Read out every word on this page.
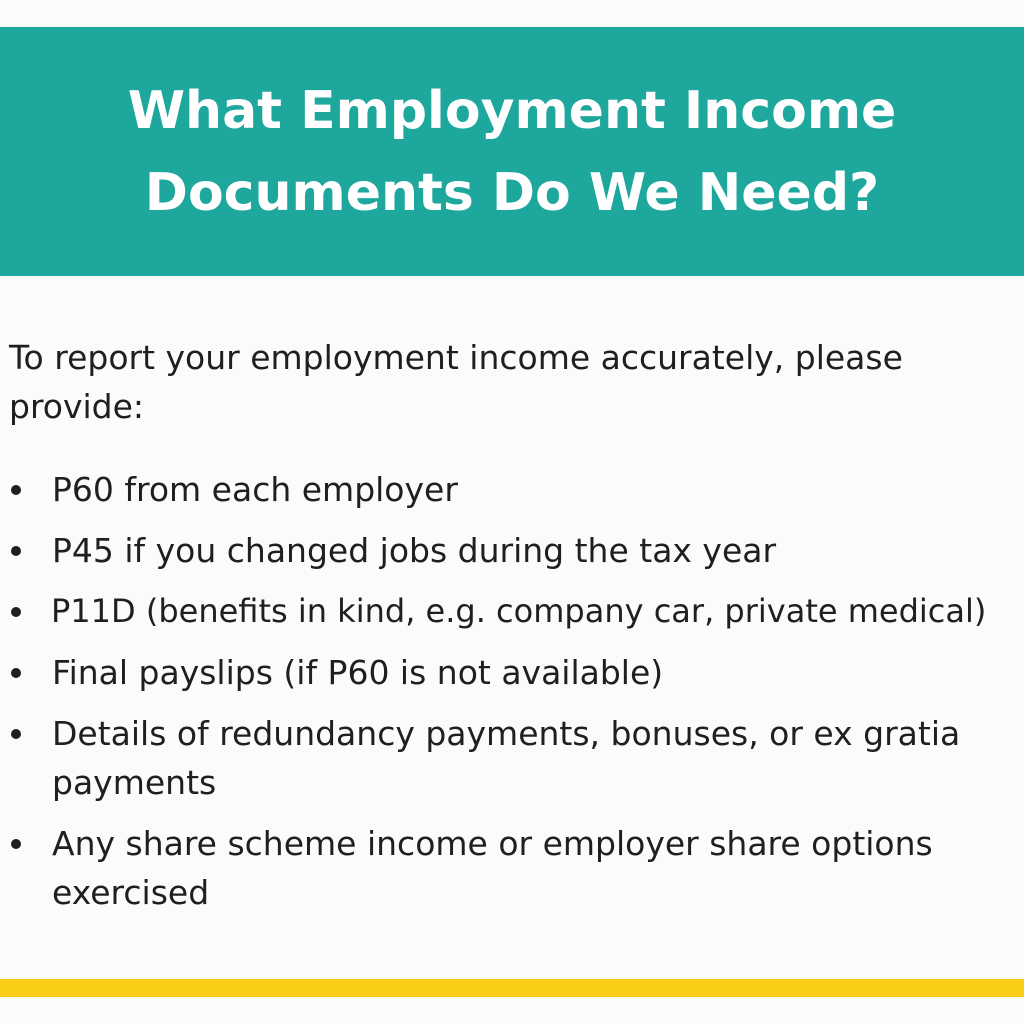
What Employment Income Documents Do We Need?

To report your employment income accurately, please provide:

P60 from each employer
P45 if you changed jobs during the tax year
P11D (benefits in kind, e.g. company car, private medical)
Final payslips (if P60 is not available)
Details of redundancy payments, bonuses, or ex gratia payments
Any share scheme income or employer share options exercised
